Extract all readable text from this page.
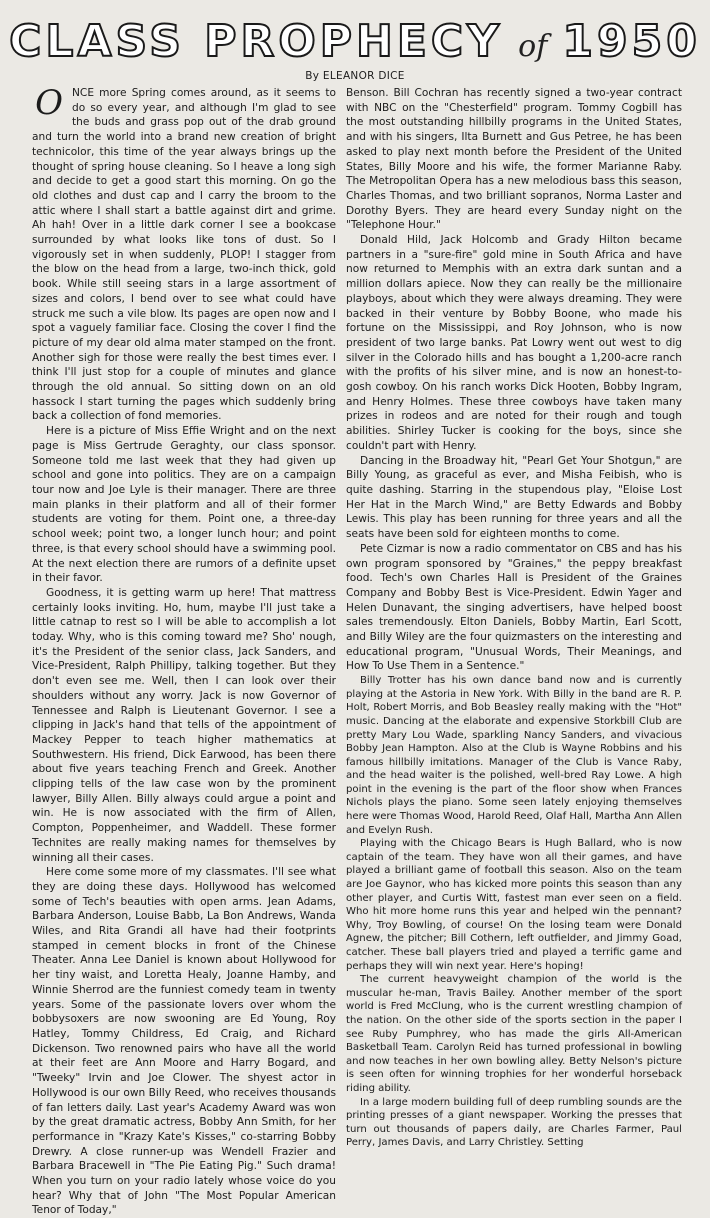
CLASS PROPHECY of 1950
By ELEANOR DICE

ONCE more Spring comes around, as it seems to do so every year, and although I'm glad to see the buds and grass pop out of the drab ground and turn the world into a brand new creation of bright technicolor, this time of the year always brings up the thought of spring house cleaning. So I heave a long sigh and decide to get a good start this morning. On go the old clothes and dust cap and I carry the broom to the attic where I shall start a battle against dirt and grime. Ah hah! Over in a little dark corner I see a bookcase surrounded by what looks like tons of dust. So I vigorously set in when suddenly, PLOP! I stagger from the blow on the head from a large, two-inch thick, gold book. While still seeing stars in a large assortment of sizes and colors, I bend over to see what could have struck me such a vile blow. Its pages are open now and I spot a vaguely familiar face. Closing the cover I find the picture of my dear old alma mater stamped on the front. Another sigh for those were really the best times ever. I think I'll just stop for a couple of minutes and glance through the old annual. So sitting down on an old hassock I start turning the pages which suddenly bring back a collection of fond memories.

Here is a picture of Miss Effie Wright and on the next page is Miss Gertrude Geraghty, our class sponsor. Someone told me last week that they had given up school and gone into politics. They are on a campaign tour now and Joe Lyle is their manager. There are three main planks in their platform and all of their former students are voting for them. Point one, a three-day school week; point two, a longer lunch hour; and point three, is that every school should have a swimming pool. At the next election there are rumors of a definite upset in their favor.

Goodness, it is getting warm up here! That mattress certainly looks inviting. Ho, hum, maybe I'll just take a little catnap to rest so I will be able to accomplish a lot today. Why, who is this coming toward me? Sho' nough, it's the President of the senior class, Jack Sanders, and Vice-President, Ralph Phillipy, talking together. But they don't even see me. Well, then I can look over their shoulders without any worry. Jack is now Governor of Tennessee and Ralph is Lieutenant Governor. I see a clipping in Jack's hand that tells of the appointment of Mackey Pepper to teach higher mathematics at Southwestern. His friend, Dick Earwood, has been there about five years teaching French and Greek. Another clipping tells of the law case won by the prominent lawyer, Billy Allen. Billy always could argue a point and win. He is now associated with the firm of Allen, Compton, Poppenheimer, and Waddell. These former Technites are really making names for themselves by winning all their cases.

Here come some more of my classmates. I'll see what they are doing these days. Hollywood has welcomed some of Tech's beauties with open arms. Jean Adams, Barbara Anderson, Louise Babb, La Bon Andrews, Wanda Wiles, and Rita Grandi all have had their footprints stamped in cement blocks in front of the Chinese Theater. Anna Lee Daniel is known about Hollywood for her tiny waist, and Loretta Healy, Joanne Hamby, and Winnie Sherrod are the funniest comedy team in twenty years. Some of the passionate lovers over whom the bobbysoxers are now swooning are Ed Young, Roy Hatley, Tommy Childress, Ed Craig, and Richard Dickenson. Two renowned pairs who have all the world at their feet are Ann Moore and Harry Bogard, and "Tweeky" Irvin and Joe Clower. The shyest actor in Hollywood is our own Billy Reed, who receives thousands of fan letters daily. Last year's Academy Award was won by the great dramatic actress, Bobby Ann Smith, for her performance in "Krazy Kate's Kisses," co-starring Bobby Drewry. A close runner-up was Wendell Frazier and Barbara Bracewell in "The Pie Eating Pig." Such drama! When you turn on your radio lately whose voice do you hear? Why that of John "The Most Popular American Tenor of Today,"

Benson. Bill Cochran has recently signed a two-year contract with NBC on the "Chesterfield" program. Tommy Cogbill has the most outstanding hillbilly programs in the United States, and with his singers, Ilta Burnett and Gus Petree, he has been asked to play next month before the President of the United States, Billy Moore and his wife, the former Marianne Raby. The Metropolitan Opera has a new melodious bass this season, Charles Thomas, and two brilliant sopranos, Norma Laster and Dorothy Byers. They are heard every Sunday night on the "Telephone Hour."

Donald Hild, Jack Holcomb and Grady Hilton became partners in a "sure-fire" gold mine in South Africa and have now returned to Memphis with an extra dark suntan and a million dollars apiece. Now they can really be the millionaire playboys, about which they were always dreaming. They were backed in their venture by Bobby Boone, who made his fortune on the Mississippi, and Roy Johnson, who is now president of two large banks. Pat Lowry went out west to dig silver in the Colorado hills and has bought a 1,200-acre ranch with the profits of his silver mine, and is now an honest-to-gosh cowboy. On his ranch works Dick Hooten, Bobby Ingram, and Henry Holmes. These three cowboys have taken many prizes in rodeos and are noted for their rough and tough abilities. Shirley Tucker is cooking for the boys, since she couldn't part with Henry.

Dancing in the Broadway hit, "Pearl Get Your Shotgun," are Billy Young, as graceful as ever, and Misha Feibish, who is quite dashing. Starring in the stupendous play, "Eloise Lost Her Hat in the March Wind," are Betty Edwards and Bobby Lewis. This play has been running for three years and all the seats have been sold for eighteen months to come.

Pete Cizmar is now a radio commentator on CBS and has his own program sponsored by "Graines," the peppy breakfast food. Tech's own Charles Hall is President of the Graines Company and Bobby Best is Vice-President. Edwin Yager and Helen Dunavant, the singing advertisers, have helped boost sales tremendously. Elton Daniels, Bobby Martin, Earl Scott, and Billy Wiley are the four quizmasters on the interesting and educational program, "Unusual Words, Their Meanings, and How To Use Them in a Sentence."

Billy Trotter has his own dance band now and is currently playing at the Astoria in New York. With Billy in the band are R. P. Holt, Robert Morris, and Bob Beasley really making with the "Hot" music. Dancing at the elaborate and expensive Storkbill Club are pretty Mary Lou Wade, sparkling Nancy Sanders, and vivacious Bobby Jean Hampton. Also at the Club is Wayne Robbins and his famous hillbilly imitations. Manager of the Club is Vance Raby, and the head waiter is the polished, well-bred Ray Lowe. A high point in the evening is the part of the floor show when Frances Nichols plays the piano. Some seen lately enjoying themselves here were Thomas Wood, Harold Reed, Olaf Hall, Martha Ann Allen and Evelyn Rush.

Playing with the Chicago Bears is Hugh Ballard, who is now captain of the team. They have won all their games, and have played a brilliant game of football this season. Also on the team are Joe Gaynor, who has kicked more points this season than any other player, and Curtis Witt, fastest man ever seen on a field. Who hit more home runs this year and helped win the pennant? Why, Troy Bowling, of course! On the losing team were Donald Agnew, the pitcher; Bill Cothern, left outfielder, and Jimmy Goad, catcher. These ball players tried and played a terrific game and perhaps they will win next year. Here's hoping!

The current heavyweight champion of the world is the muscular he-man, Travis Bailey. Another member of the sport world is Fred McClung, who is the current wrestling champion of the nation. On the other side of the sports section in the paper I see Ruby Pumphrey, who has made the girls All-American Basketball Team. Carolyn Reid has turned professional in bowling and now teaches in her own bowling alley. Betty Nelson's picture is seen often for winning trophies for her wonderful horseback riding ability.

In a large modern building full of deep rumbling sounds are the printing presses of a giant newspaper. Working the presses that turn out thousands of papers daily, are Charles Farmer, Paul Perry, James Davis, and Larry Christley. Setting
